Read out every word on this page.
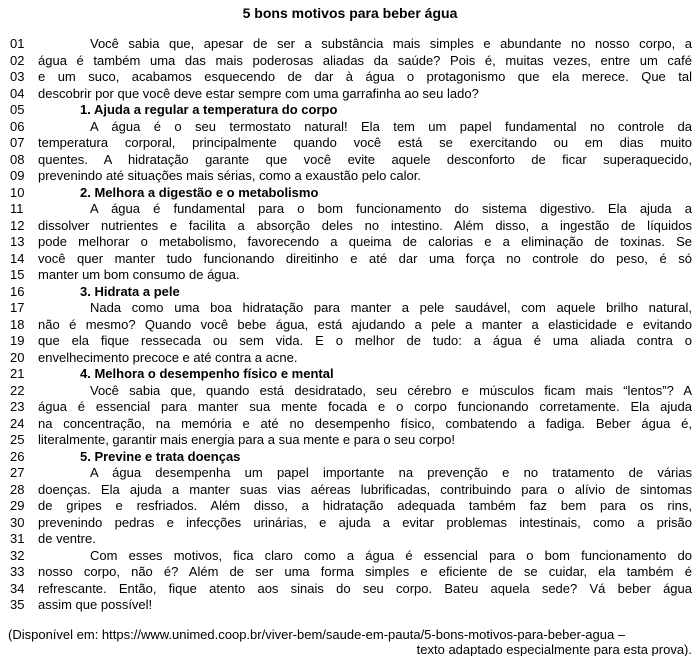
5 bons motivos para beber água
01	Você sabia que, apesar de ser a substância mais simples e abundante no nosso corpo, a
02	água é também uma das mais poderosas aliadas da saúde? Pois é, muitas vezes, entre um café
03	e um suco, acabamos esquecendo de dar à água o protagonismo que ela merece. Que tal
04	descobrir por que você deve estar sempre com uma garrafinha ao seu lado?
05	1. Ajuda a regular a temperatura do corpo
06	A água é o seu termostato natural! Ela tem um papel fundamental no controle da
07	temperatura corporal, principalmente quando você está se exercitando ou em dias muito
08	quentes. A hidratação garante que você evite aquele desconforto de ficar superaquecido,
09	prevenindo até situações mais sérias, como a exaustão pelo calor.
10	2. Melhora a digestão e o metabolismo
11	A água é fundamental para o bom funcionamento do sistema digestivo. Ela ajuda a
12	dissolver nutrientes e facilita a absorção deles no intestino. Além disso, a ingestão de líquidos
13	pode melhorar o metabolismo, favorecendo a queima de calorias e a eliminação de toxinas. Se
14	você quer manter tudo funcionando direitinho e até dar uma força no controle do peso, é só
15	manter um bom consumo de água.
16	3. Hidrata a pele
17	Nada como uma boa hidratação para manter a pele saudável, com aquele brilho natural,
18	não é mesmo? Quando você bebe água, está ajudando a pele a manter a elasticidade e evitando
19	que ela fique ressecada ou sem vida. E o melhor de tudo: a água é uma aliada contra o
20	envelhecimento precoce e até contra a acne.
21	4. Melhora o desempenho físico e mental
22	Você sabia que, quando está desidratado, seu cérebro e músculos ficam mais “lentos”? A
23	água é essencial para manter sua mente focada e o corpo funcionando corretamente. Ela ajuda
24	na concentração, na memória e até no desempenho físico, combatendo a fadiga. Beber água é,
25	literalmente, garantir mais energia para a sua mente e para o seu corpo!
26	5. Previne e trata doenças
27	A água desempenha um papel importante na prevenção e no tratamento de várias
28	doenças. Ela ajuda a manter suas vias aéreas lubrificadas, contribuindo para o alívio de sintomas
29	de gripes e resfriados. Além disso, a hidratação adequada também faz bem para os rins,
30	prevenindo pedras e infecções urinárias, e ajuda a evitar problemas intestinais, como a prisão
31	de ventre.
32	Com esses motivos, fica claro como a água é essencial para o bom funcionamento do
33	nosso corpo, não é? Além de ser uma forma simples e eficiente de se cuidar, ela também é
34	refrescante. Então, fique atento aos sinais do seu corpo. Bateu aquela sede? Vá beber água
35	assim que possível!
(Disponível em: https://www.unimed.coop.br/viver-bem/saude-em-pauta/5-bons-motivos-para-beber-agua –
texto adaptado especialmente para esta prova).
